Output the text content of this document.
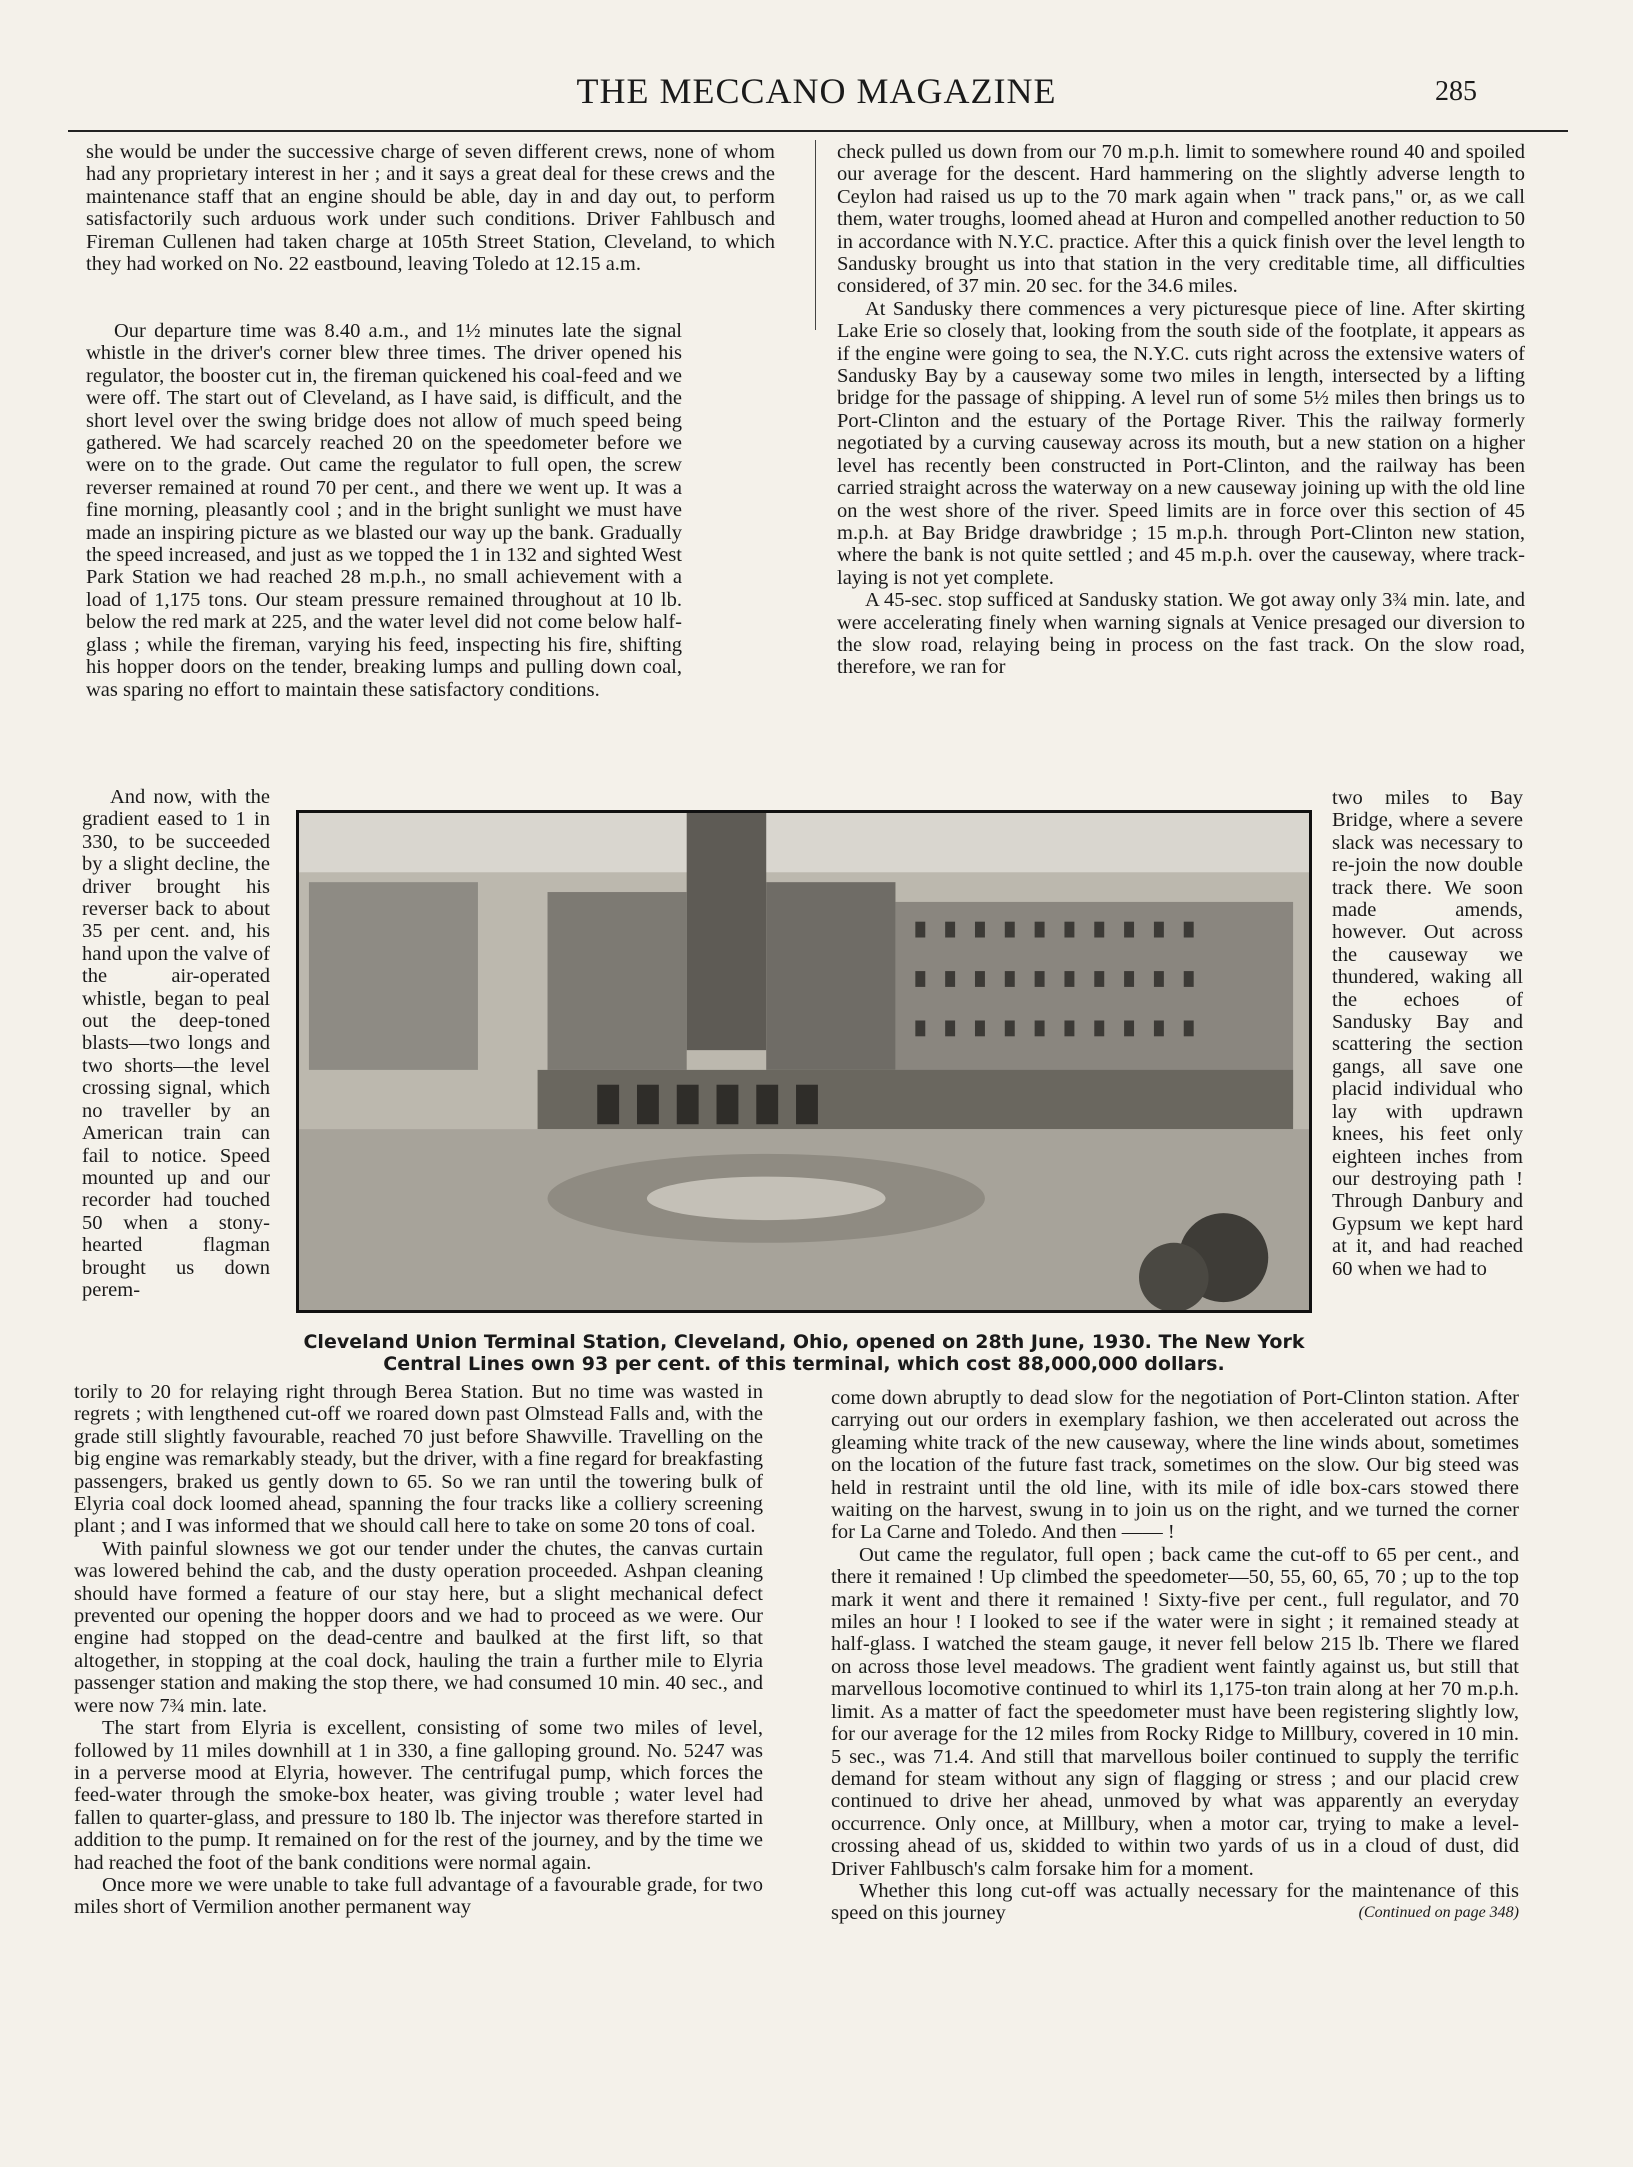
THE MECCANO MAGAZINE	285

she would be under the successive charge of seven different crews, none of whom had any proprietary interest in her ; and it says a great deal for these crews and the maintenance staff that an engine should be able, day in and day out, to perform satisfactorily such arduous work under such conditions. Driver Fahlbusch and Fireman Cullenen had taken charge at 105th Street Station, Cleveland, to which they had worked on No. 22 eastbound, leaving Toledo at 12.15 a.m.

Our departure time was 8.40 a.m., and 1½ minutes late the signal whistle in the driver's corner blew three times. The driver opened his regulator, the booster cut in, the fireman quickened his coal-feed and we were off. The start out of Cleveland, as I have said, is difficult, and the short level over the swing bridge does not allow of much speed being gathered. We had scarcely reached 20 on the speedometer before we were on to the grade. Out came the regulator to full open, the screw reverser remained at round 70 per cent., and there we went up. It was a fine morning, pleasantly cool ; and in the bright sunlight we must have made an inspiring picture as we blasted our way up the bank. Gradually the speed increased, and just as we topped the 1 in 132 and sighted West Park Station we had reached 28 m.p.h., no small achievement with a load of 1,175 tons. Our steam pressure remained throughout at 10 lb. below the red mark at 225, and the water level did not come below half-glass ; while the fireman, varying his feed, inspecting his fire, shifting his hopper doors on the tender, breaking lumps and pulling down coal, was sparing no effort to maintain these satisfactory conditions.

And now, with the gradient eased to 1 in 330, to be succeeded by a slight decline, the driver brought his reverser back to about 35 per cent. and, his hand upon the valve of the air-operated whistle, began to peal out the deep-toned blasts—two longs and two shorts—the level crossing signal, which no traveller by an American train can fail to notice. Speed mounted up and our recorder had touched 50 when a stony-hearted flagman brought us down perem-

Cleveland Union Terminal Station, Cleveland, Ohio, opened on 28th June, 1930. The New York
Central Lines own 93 per cent. of this terminal, which cost 88,000,000 dollars.

torily to 20 for relaying right through Berea Station. But no time was wasted in regrets ; with lengthened cut-off we roared down past Olmstead Falls and, with the grade still slightly favourable, reached 70 just before Shawville. Travelling on the big engine was remarkably steady, but the driver, with a fine regard for breakfasting passengers, braked us gently down to 65. So we ran until the towering bulk of Elyria coal dock loomed ahead, spanning the four tracks like a colliery screening plant ; and I was informed that we should call here to take on some 20 tons of coal.

With painful slowness we got our tender under the chutes, the canvas curtain was lowered behind the cab, and the dusty operation proceeded. Ashpan cleaning should have formed a feature of our stay here, but a slight mechanical defect prevented our opening the hopper doors and we had to proceed as we were. Our engine had stopped on the dead-centre and baulked at the first lift, so that altogether, in stopping at the coal dock, hauling the train a further mile to Elyria passenger station and making the stop there, we had consumed 10 min. 40 sec., and were now 7¾ min. late.

The start from Elyria is excellent, consisting of some two miles of level, followed by 11 miles downhill at 1 in 330, a fine galloping ground. No. 5247 was in a perverse mood at Elyria, however. The centrifugal pump, which forces the feed-water through the smoke-box heater, was giving trouble ; water level had fallen to quarter-glass, and pressure to 180 lb. The injector was therefore started in addition to the pump. It remained on for the rest of the journey, and by the time we had reached the foot of the bank conditions were normal again.

Once more we were unable to take full advantage of a favourable grade, for two miles short of Vermilion another permanent way

check pulled us down from our 70 m.p.h. limit to somewhere round 40 and spoiled our average for the descent. Hard hammering on the slightly adverse length to Ceylon had raised us up to the 70 mark again when " track pans," or, as we call them, water troughs, loomed ahead at Huron and compelled another reduction to 50 in accordance with N.Y.C. practice. After this a quick finish over the level length to Sandusky brought us into that station in the very creditable time, all difficulties considered, of 37 min. 20 sec. for the 34.6 miles.

At Sandusky there commences a very picturesque piece of line. After skirting Lake Erie so closely that, looking from the south side of the footplate, it appears as if the engine were going to sea, the N.Y.C. cuts right across the extensive waters of Sandusky Bay by a causeway some two miles in length, intersected by a lifting bridge for the passage of shipping. A level run of some 5½ miles then brings us to Port-Clinton and the estuary of the Portage River. This the railway formerly negotiated by a curving causeway across its mouth, but a new station on a higher level has recently been constructed in Port-Clinton, and the railway has been carried straight across the waterway on a new causeway joining up with the old line on the west shore of the river. Speed limits are in force over this section of 45 m.p.h. at Bay Bridge drawbridge ; 15 m.p.h. through Port-Clinton new station, where the bank is not quite settled ; and 45 m.p.h. over the causeway, where track-laying is not yet complete.

A 45-sec. stop sufficed at Sandusky station. We got away only 3¾ min. late, and were accelerating finely when warning signals at Venice presaged our diversion to the slow road, relaying being in process on the fast track. On the slow road, therefore, we ran for

two miles to Bay Bridge, where a severe slack was necessary to re-join the now double track there. We soon made amends, however. Out across the causeway we thundered, waking all the echoes of Sandusky Bay and scattering the section gangs, all save one placid individual who lay with updrawn knees, his feet only eighteen inches from our destroying path ! Through Danbury and Gypsum we kept hard at it, and had reached 60 when we had to

come down abruptly to dead slow for the negotiation of Port-Clinton station. After carrying out our orders in exemplary fashion, we then accelerated out across the gleaming white track of the new causeway, where the line winds about, sometimes on the location of the future fast track, sometimes on the slow. Our big steed was held in restraint until the old line, with its mile of idle box-cars stowed there waiting on the harvest, swung in to join us on the right, and we turned the corner for La Carne and Toledo. And then —— !

Out came the regulator, full open ; back came the cut-off to 65 per cent., and there it remained ! Up climbed the speedometer—50, 55, 60, 65, 70 ; up to the top mark it went and there it remained ! Sixty-five per cent., full regulator, and 70 miles an hour ! I looked to see if the water were in sight ; it remained steady at half-glass. I watched the steam gauge, it never fell below 215 lb. There we flared on across those level meadows. The gradient went faintly against us, but still that marvellous locomotive continued to whirl its 1,175-ton train along at her 70 m.p.h. limit. As a matter of fact the speedometer must have been registering slightly low, for our average for the 12 miles from Rocky Ridge to Millbury, covered in 10 min. 5 sec., was 71.4. And still that marvellous boiler continued to supply the terrific demand for steam without any sign of flagging or stress ; and our placid crew continued to drive her ahead, unmoved by what was apparently an everyday occurrence. Only once, at Millbury, when a motor car, trying to make a level-crossing ahead of us, skidded to within two yards of us in a cloud of dust, did Driver Fahlbusch's calm forsake him for a moment.

Whether this long cut-off was actually necessary for the maintenance of this speed on this journey	(Continued on page 348)
